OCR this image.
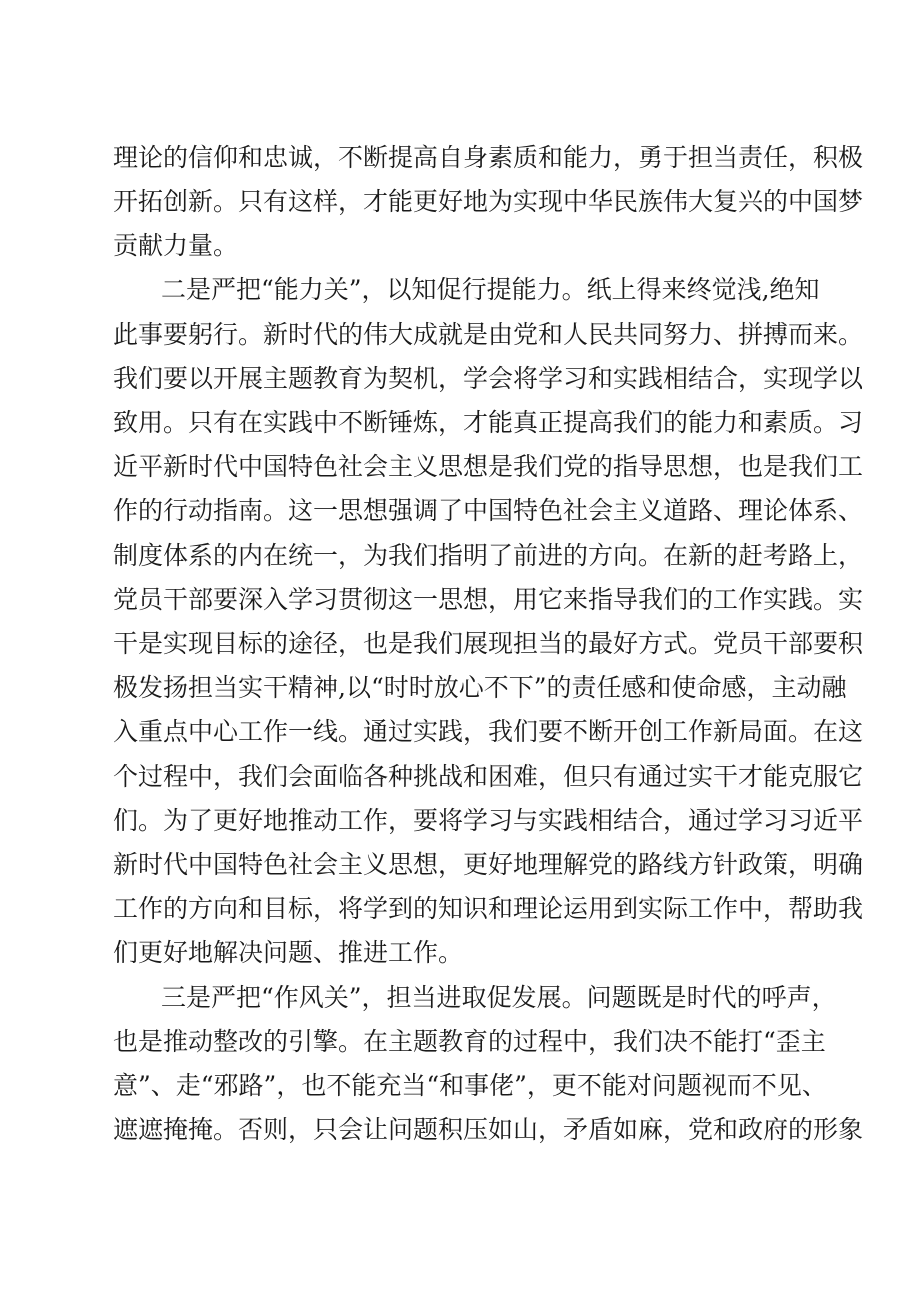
理论的信仰和忠诚，不断提高自身素质和能力，勇于担当责任，积极
开拓创新。只有这样，才能更好地为实现中华民族伟大复兴的中国梦
贡献力量。
二是严把“能力关”，以知促行提能力。纸上得来终觉浅,绝知
此事要躬行。新时代的伟大成就是由党和人民共同努力、拼搏而来。
我们要以开展主题教育为契机，学会将学习和实践相结合，实现学以
致用。只有在实践中不断锤炼，才能真正提高我们的能力和素质。习
近平新时代中国特色社会主义思想是我们党的指导思想，也是我们工
作的行动指南。这一思想强调了中国特色社会主义道路、理论体系、
制度体系的内在统一，为我们指明了前进的方向。在新的赶考路上，
党员干部要深入学习贯彻这一思想，用它来指导我们的工作实践。实
干是实现目标的途径，也是我们展现担当的最好方式。党员干部要积
极发扬担当实干精神,以“时时放心不下”的责任感和使命感，主动融
入重点中心工作一线。通过实践，我们要不断开创工作新局面。在这
个过程中，我们会面临各种挑战和困难，但只有通过实干才能克服它
们。为了更好地推动工作，要将学习与实践相结合，通过学习习近平
新时代中国特色社会主义思想，更好地理解党的路线方针政策，明确
工作的方向和目标，将学到的知识和理论运用到实际工作中，帮助我
们更好地解决问题、推进工作。
三是严把“作风关”，担当进取促发展。问题既是时代的呼声，
也是推动整改的引擎。在主题教育的过程中，我们决不能打“歪主
意”、走“邪路”，也不能充当“和事佬”，更不能对问题视而不见、
遮遮掩掩。否则，只会让问题积压如山，矛盾如麻，党和政府的形象
